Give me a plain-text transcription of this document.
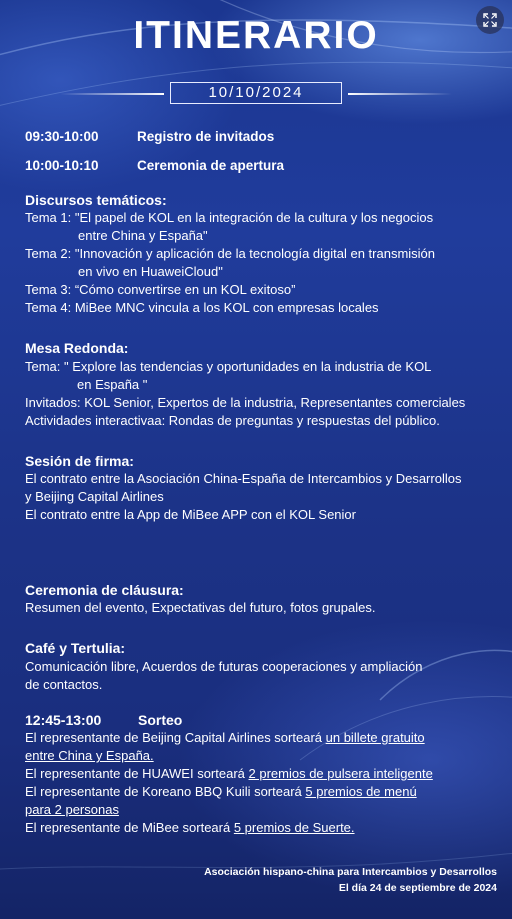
ITINERARIO
10/10/2024
09:30-10:00	Registro de invitados
10:00-10:10	Ceremonia de apertura
Discursos temáticos:
Tema 1: "El papel de KOL en la integración de la cultura y los negocios
entre China y España"
Tema 2: "Innovación y aplicación de la tecnología digital en transmisión
en vivo en HuaweiCloud"
Tema 3: “Cómo convertirse en un KOL exitoso”
Tema 4: MiBee MNC vincula a los KOL con empresas locales
Mesa Redonda:
Tema: " Explore las tendencias y oportunidades en la industria de KOL
en España "
Invitados: KOL Senior, Expertos de la industria, Representantes comerciales
Actividades interactivaa: Rondas de preguntas y respuestas del público.
Sesión de firma:
El contrato entre la Asociación China-España de Intercambios y Desarrollos
y Beijing Capital Airlines
El contrato entre la App de MiBee APP con el KOL Senior
Ceremonia de cláusura:
Resumen del evento, Expectativas del futuro, fotos grupales.
Café y Tertulia:
Comunicación libre, Acuerdos de futuras cooperaciones y ampliación
de contactos.
12:45-13:00	Sorteo
El representante de Beijing Capital Airlines sorteará un billete gratuito
entre China y España.
El representante de HUAWEI sorteará 2 premios de pulsera inteligente
El representante de Koreano BBQ Kuili sorteará 5 premios de menú
para 2 personas
El representante de MiBee sorteará 5 premios de Suerte.
Asociación hispano-china para Intercambios y Desarrollos
El día 24 de septiembre de 2024
